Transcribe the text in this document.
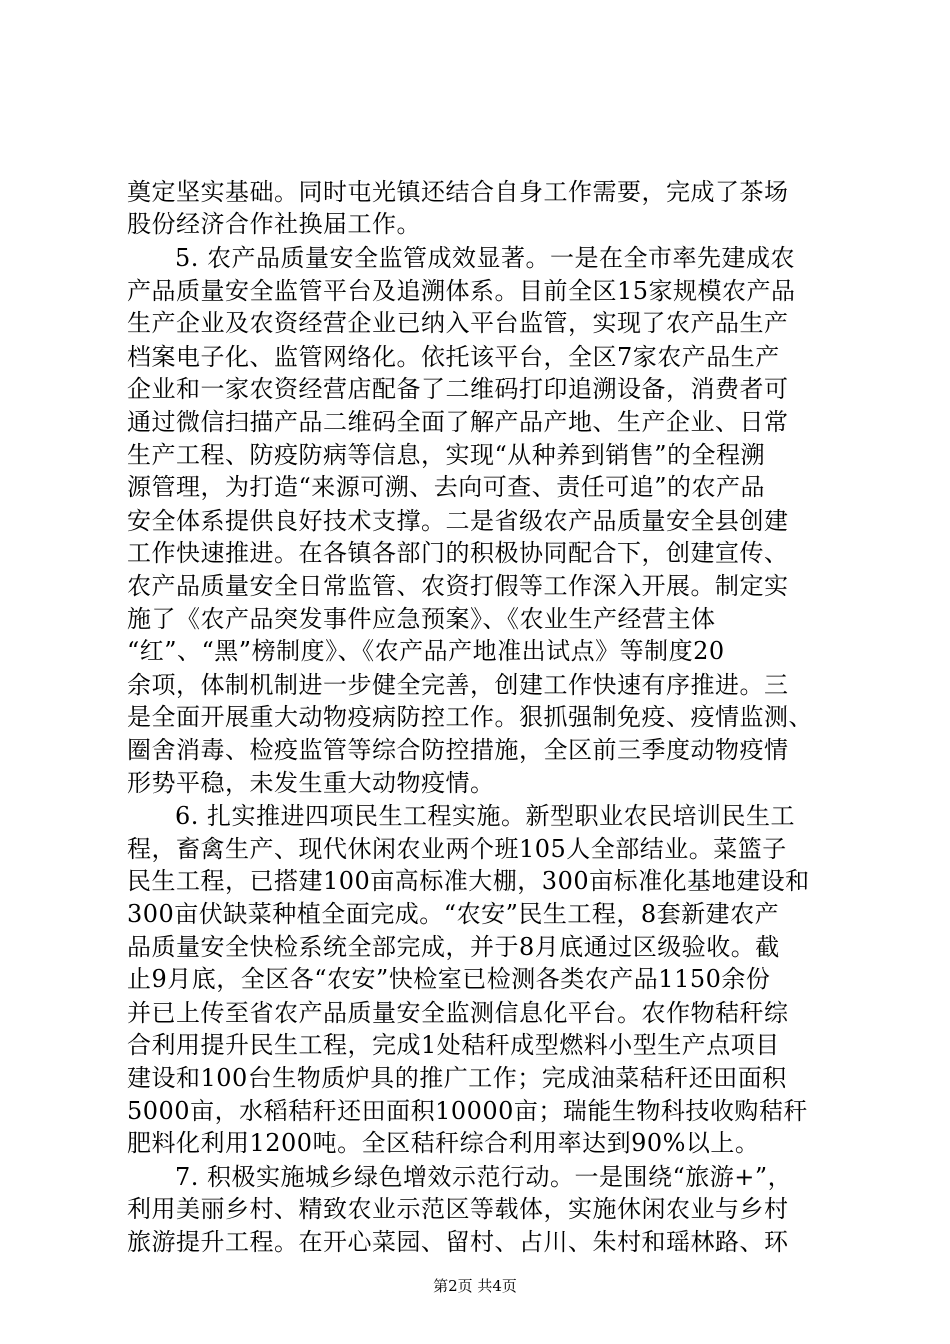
奠定坚实基础。同时屯光镇还结合自身工作需要，完成了茶场

股份经济合作社换届工作。

5. 农产品质量安全监管成效显著。一是在全市率先建成农

产品质量安全监管平台及追溯体系。目前全区15家规模农产品

生产企业及农资经营企业已纳入平台监管，实现了农产品生产

档案电子化、监管网络化。依托该平台，全区7家农产品生产

企业和一家农资经营店配备了二维码打印追溯设备，消费者可

通过微信扫描产品二维码全面了解产品产地、生产企业、日常

生产工程、防疫防病等信息，实现“从种养到销售”的全程溯

源管理，为打造“来源可溯、去向可查、责任可追”的农产品

安全体系提供良好技术支撑。二是省级农产品质量安全县创建

工作快速推进。在各镇各部门的积极协同配合下，创建宣传、

农产品质量安全日常监管、农资打假等工作深入开展。制定实

施了《农产品突发事件应急预案》、《农业生产经营主体

“红”、“黑”榜制度》、《农产品产地准出试点》等制度20

余项，体制机制进一步健全完善，创建工作快速有序推进。三

是全面开展重大动物疫病防控工作。狠抓强制免疫、疫情监测、

圈舍消毒、检疫监管等综合防控措施，全区前三季度动物疫情

形势平稳，未发生重大动物疫情。

6. 扎实推进四项民生工程实施。新型职业农民培训民生工

程，畜禽生产、现代休闲农业两个班105人全部结业。菜篮子

民生工程，已搭建100亩高标准大棚，300亩标准化基地建设和

300亩伏缺菜种植全面完成。“农安”民生工程，8套新建农产

品质量安全快检系统全部完成，并于8月底通过区级验收。截

止9月底，全区各“农安”快检室已检测各类农产品1150余份

并已上传至省农产品质量安全监测信息化平台。农作物秸秆综

合利用提升民生工程，完成1处秸秆成型燃料小型生产点项目

建设和100台生物质炉具的推广工作；完成油菜秸秆还田面积

5000亩，水稻秸秆还田面积10000亩；瑞能生物科技收购秸秆

肥料化利用1200吨。全区秸秆综合利用率达到90%以上。

7. 积极实施城乡绿色增效示范行动。一是围绕“旅游+”，

利用美丽乡村、精致农业示范区等载体，实施休闲农业与乡村

旅游提升工程。在开心菜园、留村、占川、朱村和瑶林路、环

第2页 共4页
